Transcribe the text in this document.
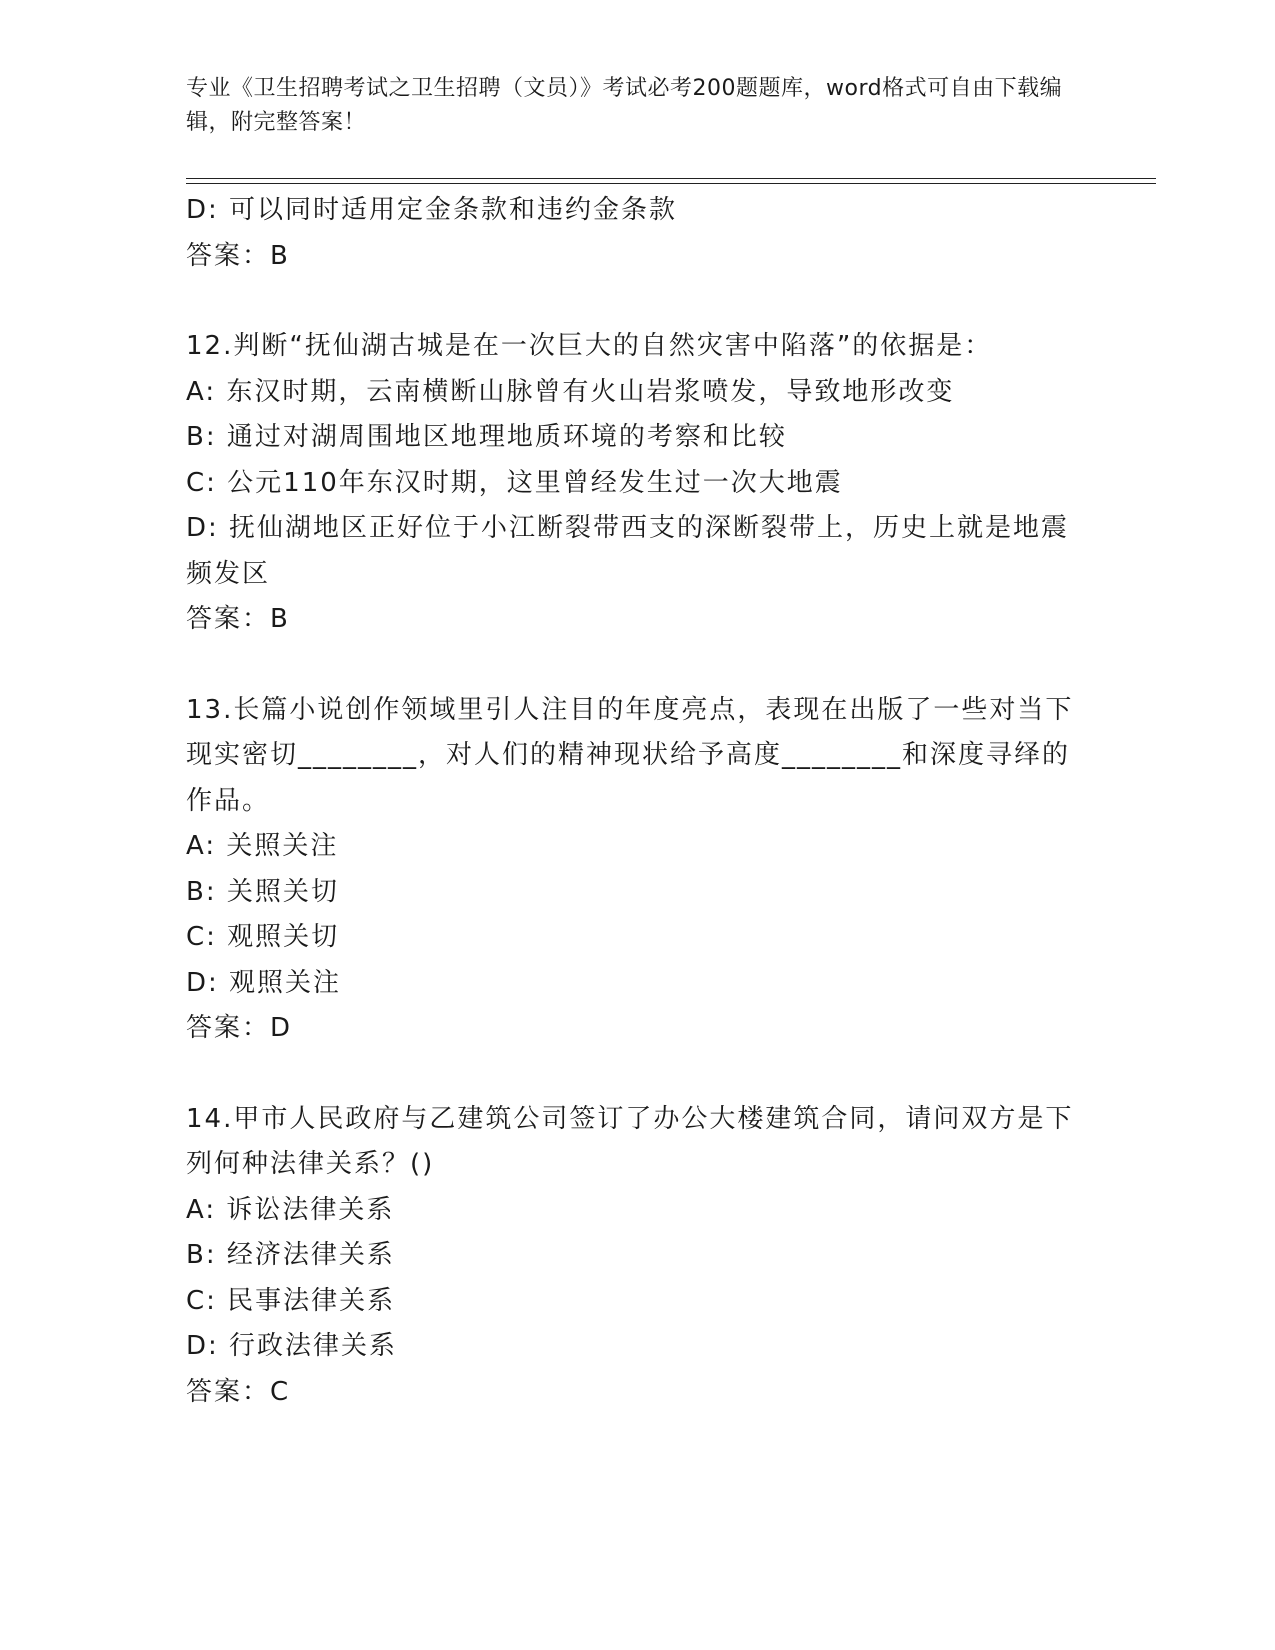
专业《卫生招聘考试之卫生招聘（文员）》考试必考200题题库，word格式可自由下载编辑，附完整答案！

D: 可以同时适用定金条款和违约金条款

答案：B

12.判断“抚仙湖古城是在一次巨大的自然灾害中陷落”的依据是：

A: 东汉时期，云南横断山脉曾有火山岩浆喷发，导致地形改变

B: 通过对湖周围地区地理地质环境的考察和比较

C: 公元110年东汉时期，这里曾经发生过一次大地震

D: 抚仙湖地区正好位于小江断裂带西支的深断裂带上，历史上就是地震频发区

答案：B

13.长篇小说创作领域里引人注目的年度亮点，表现在出版了一些对当下现实密切________，对人们的精神现状给予高度________和深度寻绎的作品。

A: 关照关注

B: 关照关切

C: 观照关切

D: 观照关注

答案：D

14.甲市人民政府与乙建筑公司签订了办公大楼建筑合同，请问双方是下列何种法律关系？()

A: 诉讼法律关系

B: 经济法律关系

C: 民事法律关系

D: 行政法律关系

答案：C
